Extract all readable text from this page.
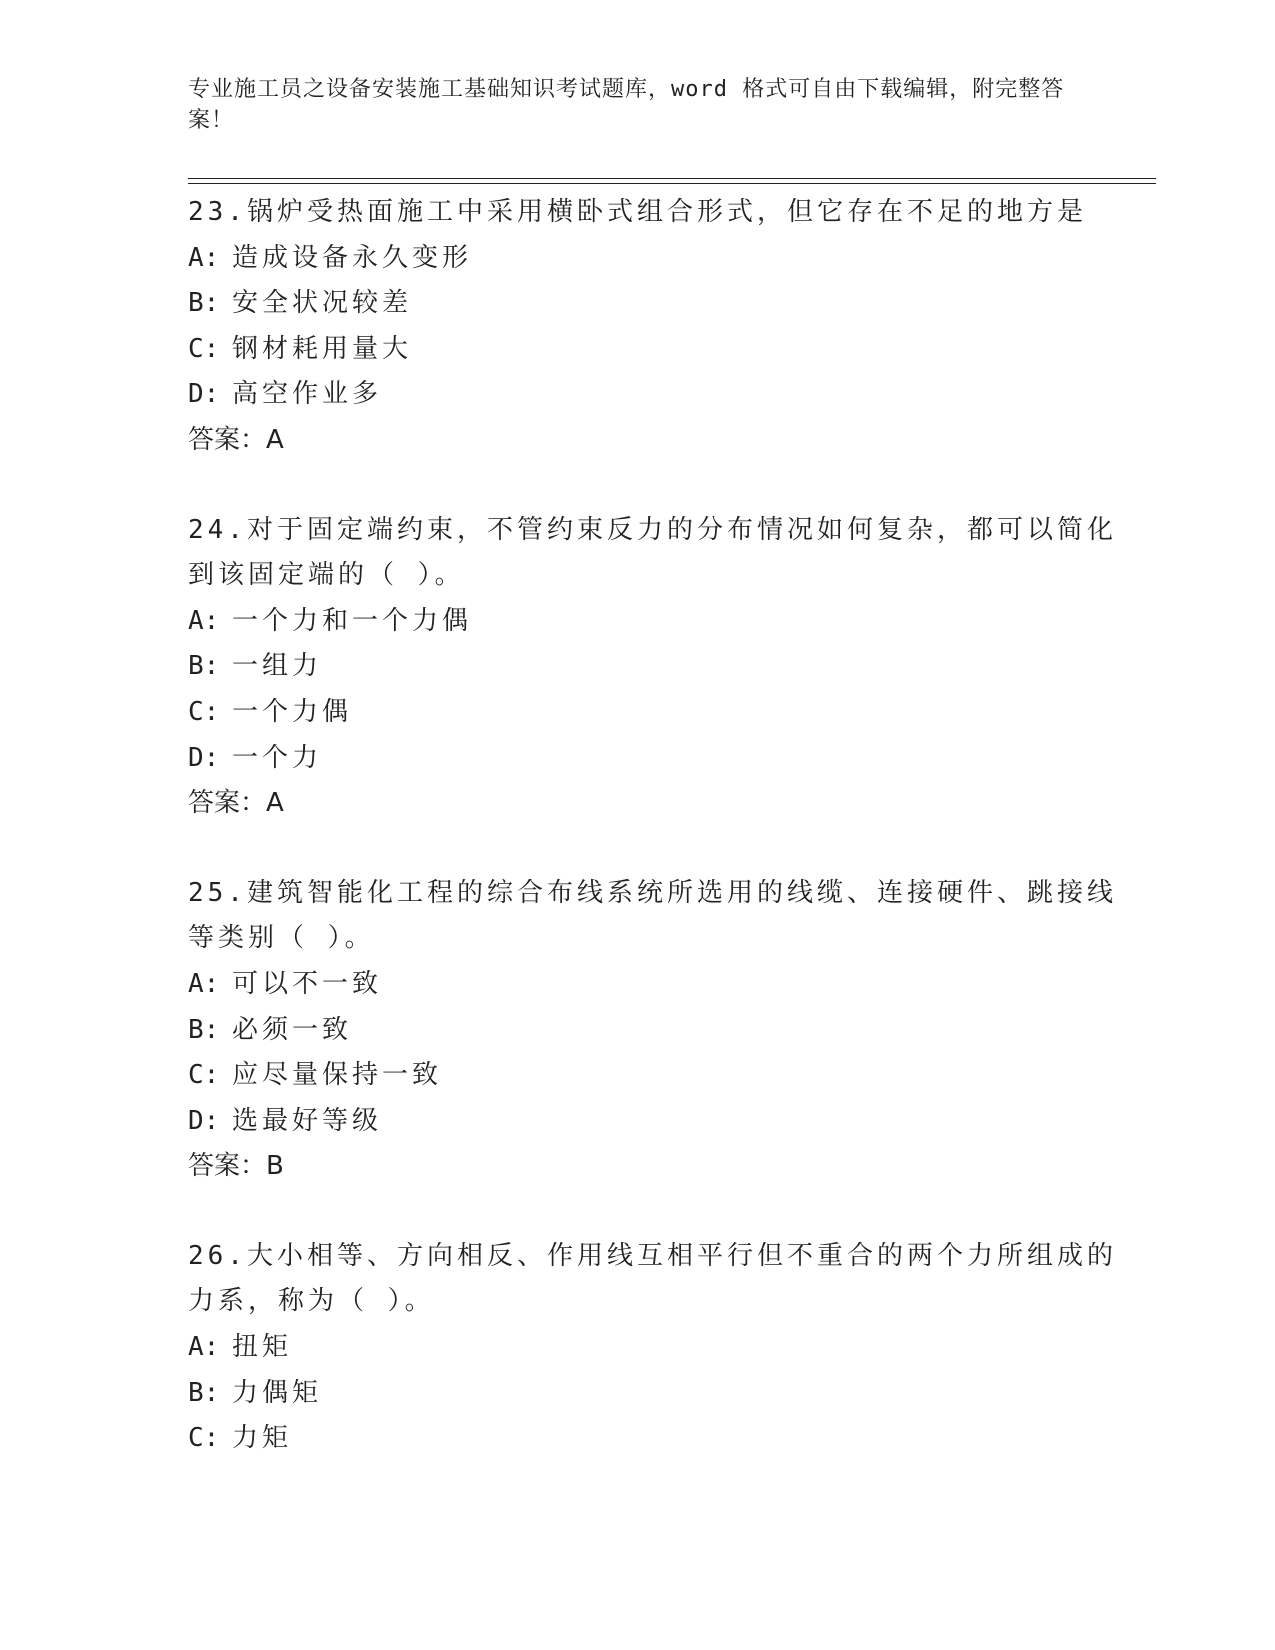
专业施工员之设备安装施工基础知识考试题库，word 格式可自由下载编辑，附完整答案！
23.锅炉受热面施工中采用横卧式组合形式，但它存在不足的地方是
A: 造成设备永久变形
B: 安全状况较差
C: 钢材耗用量大
D: 高空作业多
答案：A
24.对于固定端约束，不管约束反力的分布情况如何复杂，都可以简化
到该固定端的（ ）。
A: 一个力和一个力偶
B: 一组力
C: 一个力偶
D: 一个力
答案：A
25.建筑智能化工程的综合布线系统所选用的线缆、连接硬件、跳接线
等类别（ ）。
A: 可以不一致
B: 必须一致
C: 应尽量保持一致
D: 选最好等级
答案：B
26.大小相等、方向相反、作用线互相平行但不重合的两个力所组成的
力系，称为（ ）。
A: 扭矩
B: 力偶矩
C: 力矩
